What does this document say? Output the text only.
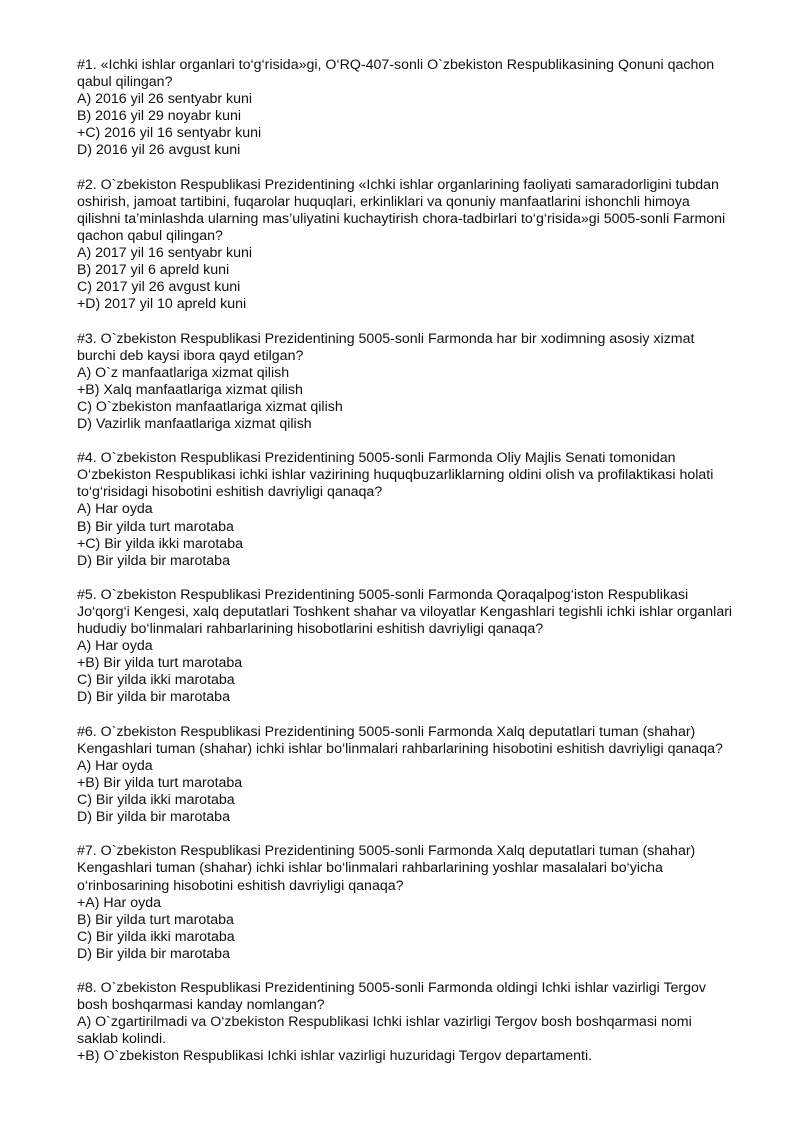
#1. «Ichki ishlar organlari to‘g‘risida»gi, O‘RQ-407-sonli O`zbekiston Respublikasining Qonuni qachon
qabul qilingan?

A) 2016 yil 26 sentyabr kuni
B) 2016 yil 29 noyabr kuni
+C) 2016 yil 16 sentyabr kuni
D) 2016 yil 26 avgust kuni

#2. O`zbekiston Respublikasi Prezidentining «Ichki ishlar organlarining faoliyati samaradorligini tubdan
oshirish, jamoat tartibini, fuqarolar huquqlari, erkinliklari va qonuniy manfaatlarini ishonchli himoya
qilishni ta’minlashda ularning mas’uliyatini kuchaytirish chora-tadbirlari to‘g‘risida»gi 5005-sonli Farmoni
qachon qabul qilingan?

A) 2017 yil 16 sentyabr kuni
B) 2017 yil 6 apreld kuni
C) 2017 yil 26 avgust kuni
+D) 2017 yil 10 apreld kuni

#3. O`zbekiston Respublikasi Prezidentining 5005-sonli Farmonda har bir xodimning asosiy xizmat
burchi deb kaysi ibora qayd etilgan?

A) O`z manfaatlariga xizmat qilish
+B) Xalq manfaatlariga xizmat qilish
C) O`zbekiston manfaatlariga xizmat qilish
D) Vazirlik manfaatlariga xizmat qilish

#4. O`zbekiston Respublikasi Prezidentining 5005-sonli Farmonda Oliy Majlis Senati tomonidan
O‘zbekiston Respublikasi ichki ishlar vazirining huquqbuzarliklarning oldini olish va profilaktikasi holati
to‘g‘risidagi hisobotini eshitish davriyligi qanaqa?

A) Har oyda
B) Bir yilda turt marotaba
+C) Bir yilda ikki marotaba
D) Bir yilda bir marotaba

#5. O`zbekiston Respublikasi Prezidentining 5005-sonli Farmonda Qoraqalpog‘iston Respublikasi
Jo‘qorg‘i Kengesi, xalq deputatlari Toshkent shahar va viloyatlar Kengashlari tegishli ichki ishlar organlari
hududiy bo‘linmalari rahbarlarining hisobotlarini eshitish davriyligi qanaqa?

A) Har oyda
+B) Bir yilda turt marotaba
C) Bir yilda ikki marotaba
D) Bir yilda bir marotaba

#6. O`zbekiston Respublikasi Prezidentining 5005-sonli Farmonda Xalq deputatlari tuman (shahar)
Kengashlari tuman (shahar) ichki ishlar bo‘linmalari rahbarlarining hisobotini eshitish davriyligi qanaqa?

A) Har oyda
+B) Bir yilda turt marotaba
C) Bir yilda ikki marotaba
D) Bir yilda bir marotaba

#7. O`zbekiston Respublikasi Prezidentining 5005-sonli Farmonda Xalq deputatlari tuman (shahar)
Kengashlari tuman (shahar) ichki ishlar bo‘linmalari rahbarlarining yoshlar masalalari bo‘yicha
o‘rinbosarining hisobotini eshitish davriyligi qanaqa?

+A) Har oyda
B) Bir yilda turt marotaba
C) Bir yilda ikki marotaba
D) Bir yilda bir marotaba

#8. O`zbekiston Respublikasi Prezidentining 5005-sonli Farmonda oldingi Ichki ishlar vazirligi Tergov
bosh boshqarmasi kanday nomlangan?

A) O`zgartirilmadi va O‘zbekiston Respublikasi Ichki ishlar vazirligi Tergov bosh boshqarmasi nomi
saklab kolindi.
+B) O`zbekiston Respublikasi Ichki ishlar vazirligi huzuridagi Tergov departamenti.
